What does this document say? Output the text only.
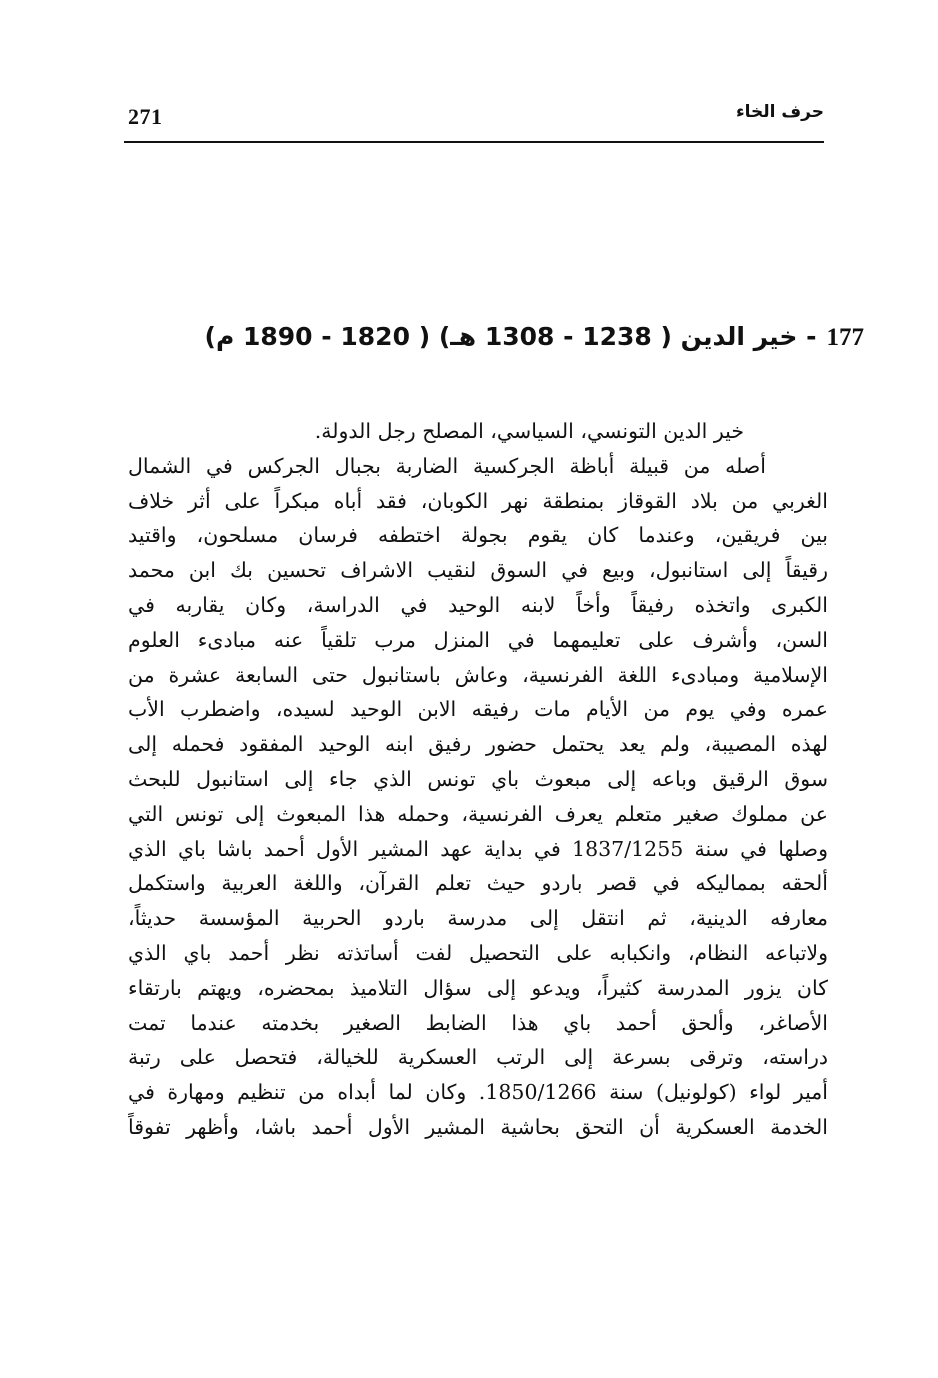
271	حرف الخاء
177- خير الدين ( 1238 - 1308 هـ) ( 1820 - 1890 م)
خير الدين التونسي، السياسي، المصلح رجل الدولة.
أصله من قبيلة أباظة الجركسية الضاربة بجبال الجركس في الشمال
الغربي من بلاد القوقاز بمنطقة نهر الكوبان، فقد أباه مبكراً على أثر خلاف
بين فريقين، وعندما كان يقوم بجولة اختطفه فرسان مسلحون، واقتيد
رقيقاً إلى استانبول، وبيع في السوق لنقيب الاشراف تحسين بك ابن محمد
الكبرى واتخذه رفيقاً وأخاً لابنه الوحيد في الدراسة، وكان يقاربه في
السن، وأشرف على تعليمهما في المنزل مرب تلقياً عنه مبادىء العلوم
الإسلامية ومبادىء اللغة الفرنسية، وعاش باستانبول حتى السابعة عشرة من
عمره وفي يوم من الأيام مات رفيقه الابن الوحيد لسيده، واضطرب الأب
لهذه المصيبة، ولم يعد يحتمل حضور رفيق ابنه الوحيد المفقود فحمله إلى
سوق الرقيق وباعه إلى مبعوث باي تونس الذي جاء إلى استانبول للبحث
عن مملوك صغير متعلم يعرف الفرنسية، وحمله هذا المبعوث إلى تونس التي
وصلها في سنة 1837/1255 في بداية عهد المشير الأول أحمد باشا باي الذي
ألحقه بمماليكه في قصر باردو حيث تعلم القرآن، واللغة العربية واستكمل
معارفه الدينية، ثم انتقل إلى مدرسة باردو الحربية المؤسسة حديثاً،
ولاتباعه النظام، وانكبابه على التحصيل لفت أساتذته نظر أحمد باي الذي
كان يزور المدرسة كثيراً، ويدعو إلى سؤال التلاميذ بمحضره، ويهتم بارتقاء
الأصاغر، وألحق أحمد باي هذا الضابط الصغير بخدمته عندما تمت
دراسته، وترقى بسرعة إلى الرتب العسكرية للخيالة، فتحصل على رتبة
أمير لواء (كولونيل) سنة 1850/1266. وكان لما أبداه من تنظيم ومهارة في
الخدمة العسكرية أن التحق بحاشية المشير الأول أحمد باشا، وأظهر تفوقاً
